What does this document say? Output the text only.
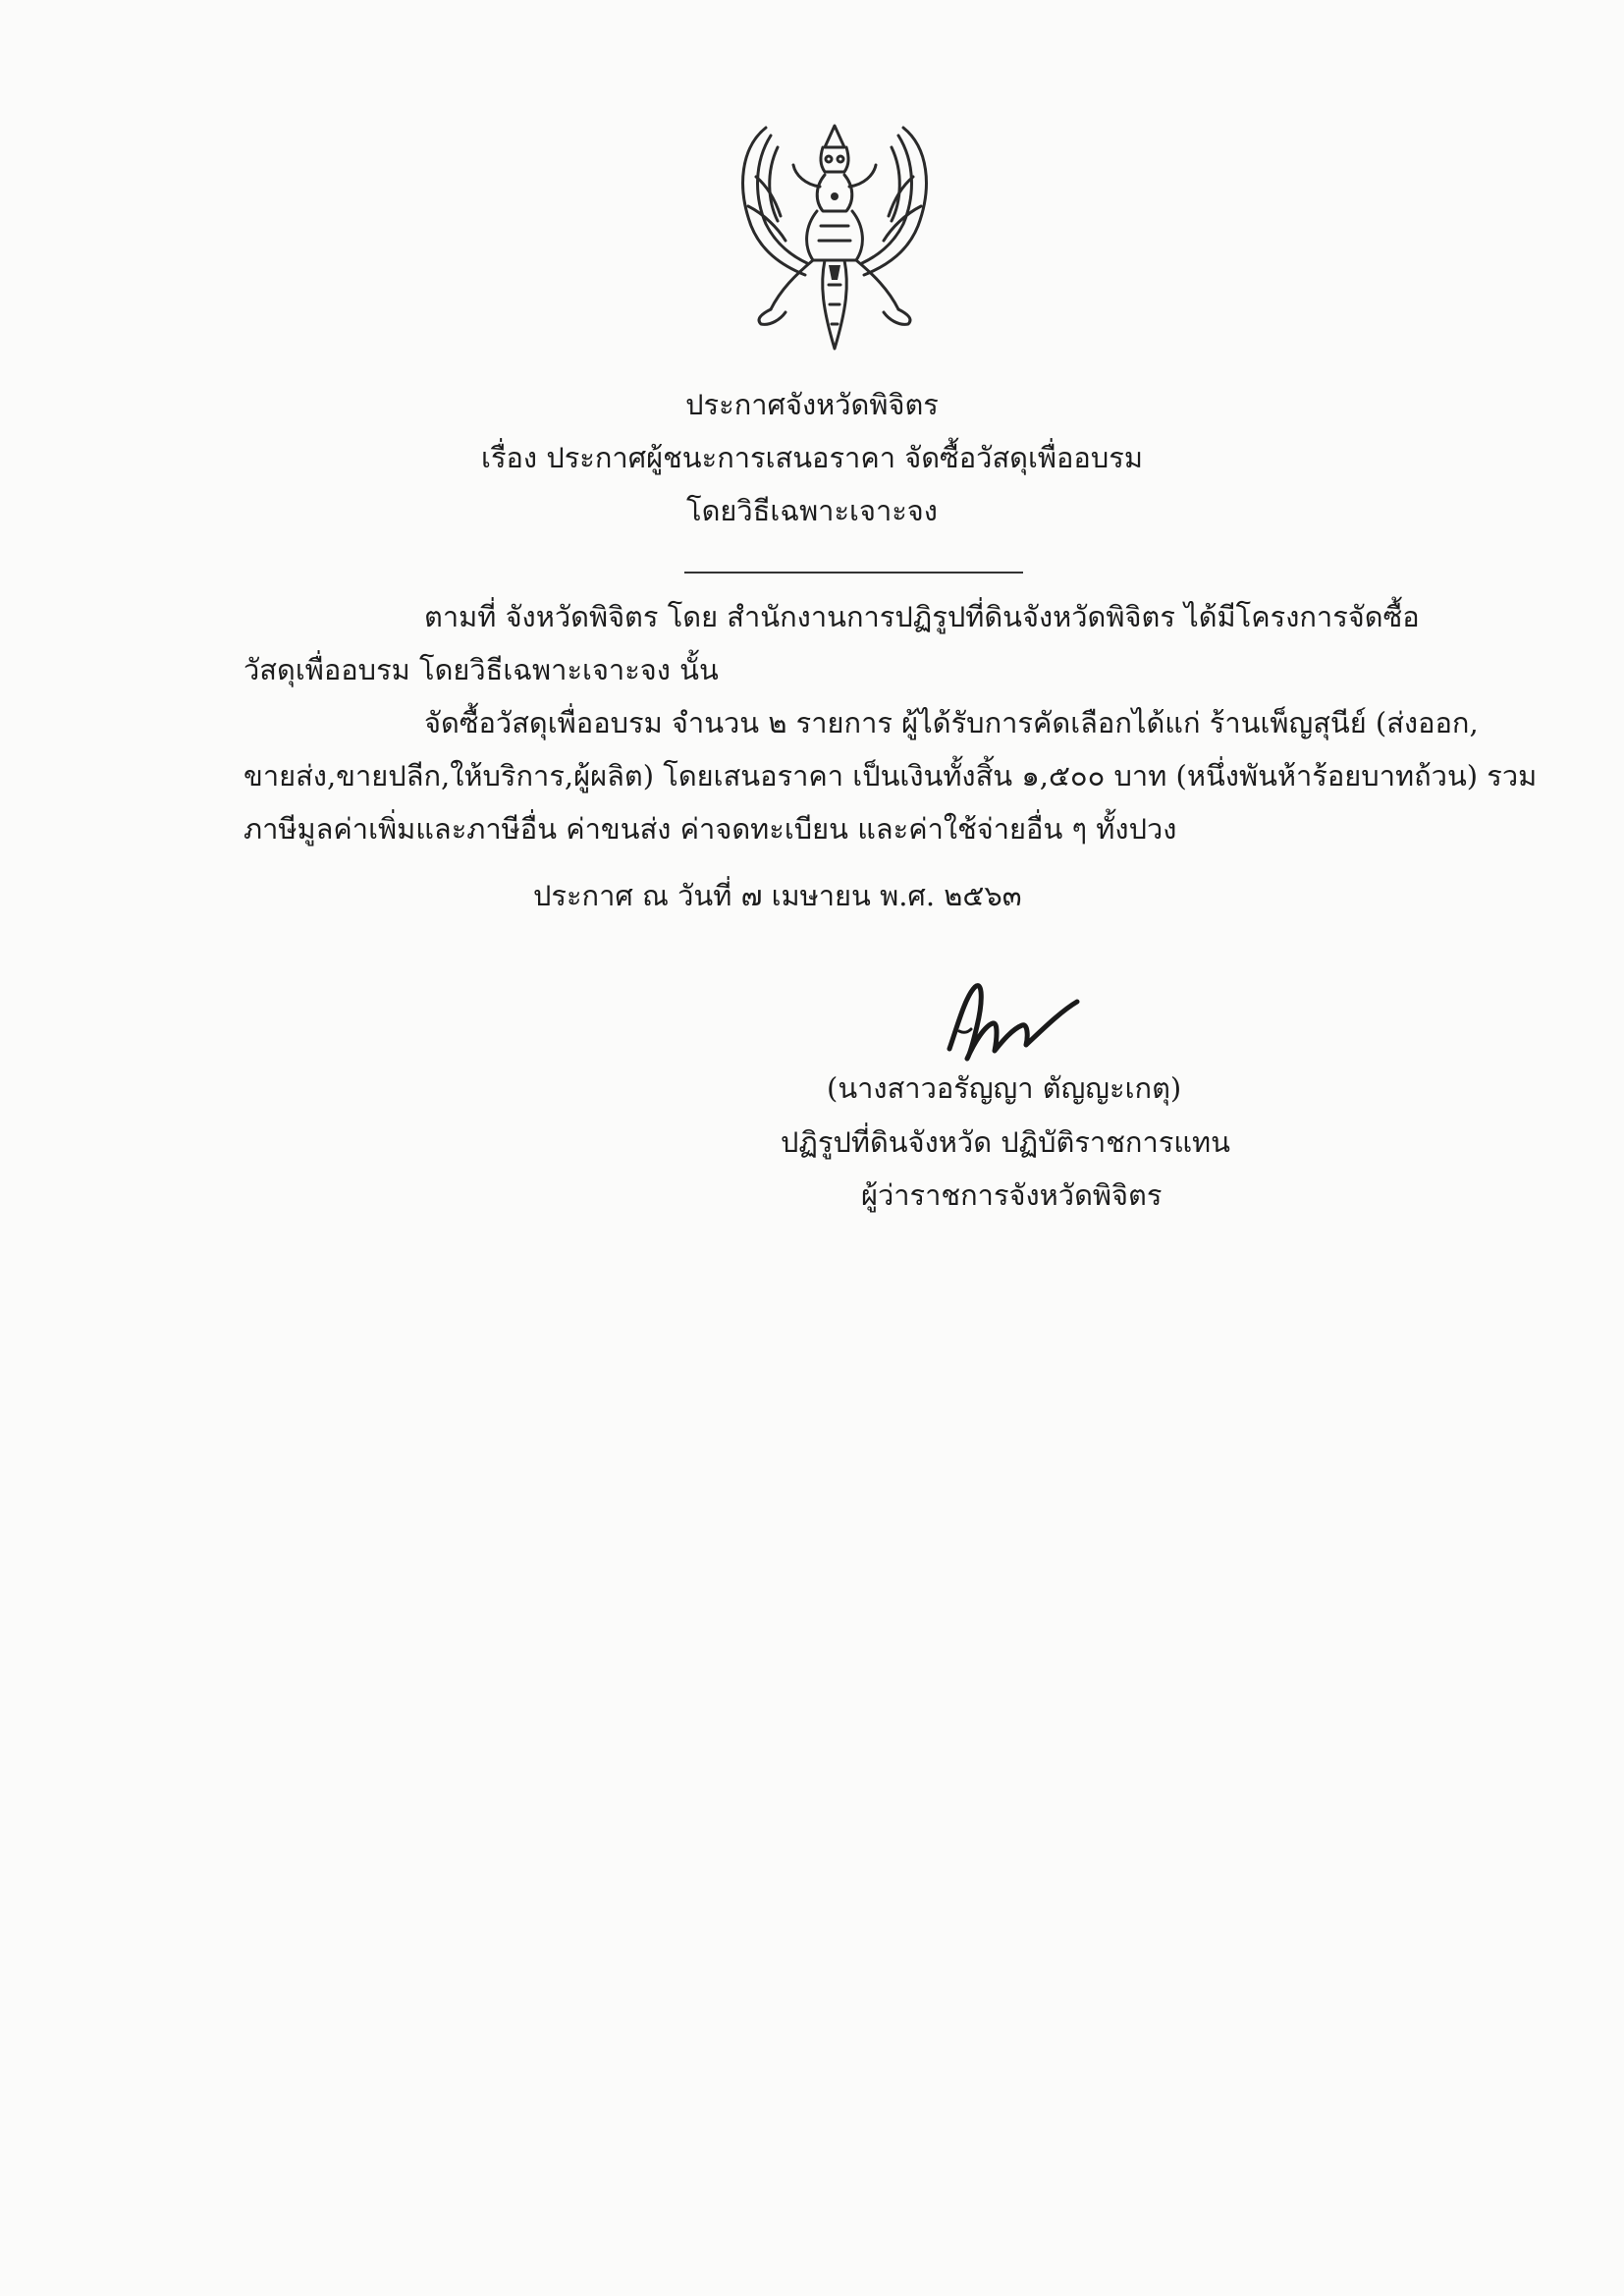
ประกาศจังหวัดพิจิตร
เรื่อง ประกาศผู้ชนะการเสนอราคา จัดซื้อวัสดุเพื่ออบรม
โดยวิธีเฉพาะเจาะจง
ตามที่ จังหวัดพิจิตร โดย สำนักงานการปฏิรูปที่ดินจังหวัดพิจิตร ได้มีโครงการจัดซื้อ
วัสดุเพื่ออบรม โดยวิธีเฉพาะเจาะจง นั้น
จัดซื้อวัสดุเพื่ออบรม จำนวน ๒ รายการ ผู้ได้รับการคัดเลือกได้แก่ ร้านเพ็ญสุนีย์ (ส่งออก,
ขายส่ง,ขายปลีก,ให้บริการ,ผู้ผลิต) โดยเสนอราคา เป็นเงินทั้งสิ้น ๑,๕๐๐ บาท (หนึ่งพันห้าร้อยบาทถ้วน) รวม
ภาษีมูลค่าเพิ่มและภาษีอื่น ค่าขนส่ง ค่าจดทะเบียน และค่าใช้จ่ายอื่น ๆ ทั้งปวง
ประกาศ ณ วันที่ ๗ เมษายน พ.ศ. ๒๕๖๓
(นางสาวอรัญญา ตัญญะเกตุ)
ปฏิรูปที่ดินจังหวัด ปฏิบัติราชการแทน
ผู้ว่าราชการจังหวัดพิจิตร
